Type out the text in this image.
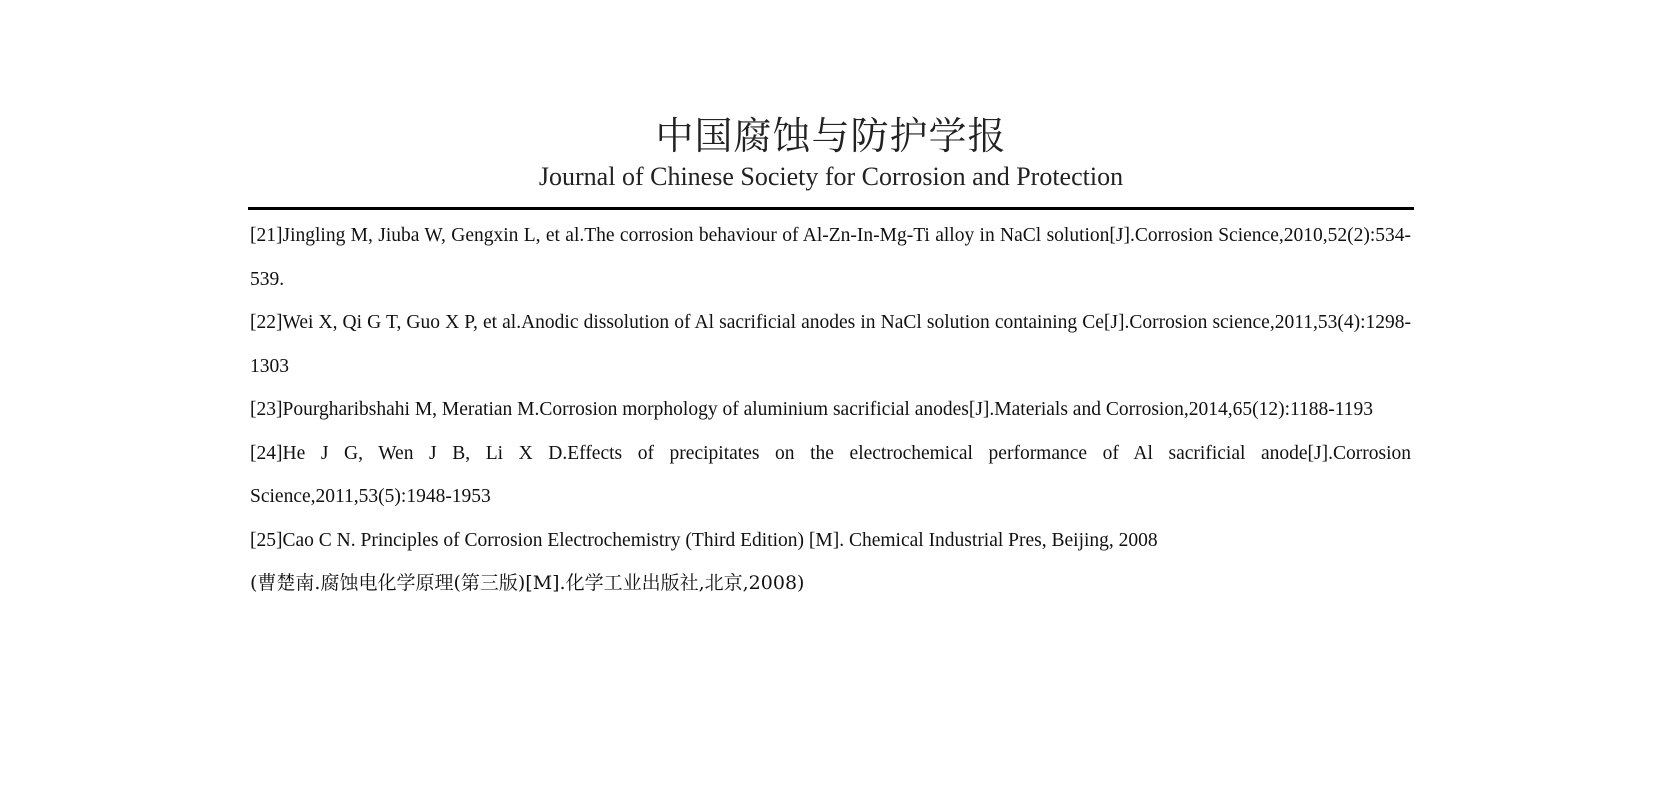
中国腐蚀与防护学报

Journal of Chinese Society for Corrosion and Protection

[21]Jingling M, Jiuba W, Gengxin L, et al.The corrosion behaviour of Al-Zn-In-Mg-Ti alloy in NaCl solution[J].Corrosion Science,2010,52(2):534-539.

[22]Wei X, Qi G T, Guo X P, et al.Anodic dissolution of Al sacrificial anodes in NaCl solution containing Ce[J].Corrosion science,2011,53(4):1298-1303

[23]Pourgharibshahi M, Meratian M.Corrosion morphology of aluminium sacrificial anodes[J].Materials and Corrosion,2014,65(12):1188-1193

[24]He J G, Wen J B, Li X D.Effects of precipitates on the electrochemical performance of Al sacrificial anode[J].Corrosion Science,2011,53(5):1948-1953

[25]Cao C N. Principles of Corrosion Electrochemistry (Third Edition) [M]. Chemical Industrial Pres, Beijing, 2008

(曹楚南.腐蚀电化学原理(第三版)[M].化学工业出版社,北京,2008)
